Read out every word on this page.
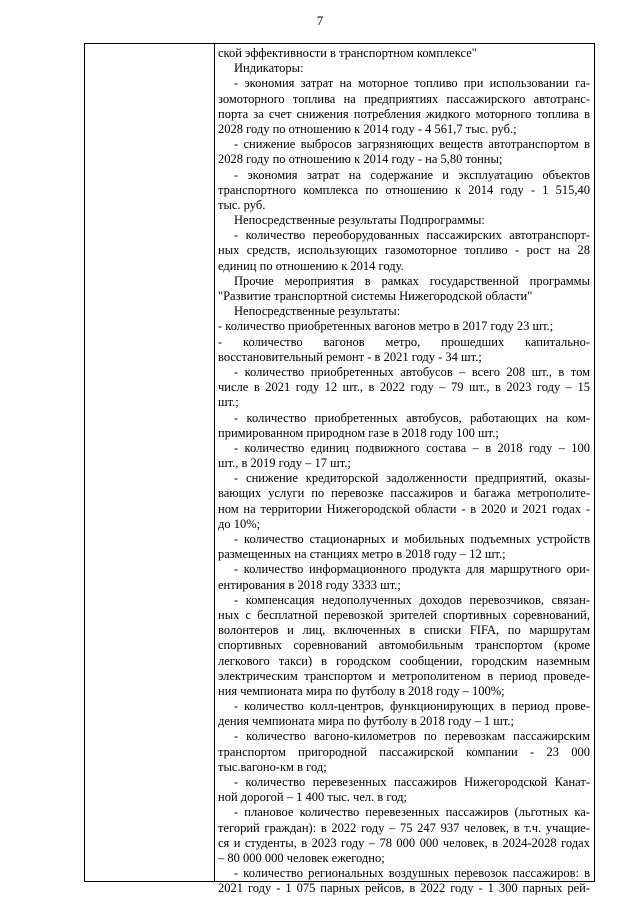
7
ской эффективности в транспортном комплексе"
Индикаторы:
- экономия затрат на моторное топливо при использовании га-
зомоторного топлива на предприятиях пассажирского автотранс-
порта за счет снижения потребления жидкого моторного топлива в
2028 году по отношению к 2014 году - 4 561,7 тыс. руб.;
- снижение выбросов загрязняющих веществ автотранспортом в
2028 году по отношению к 2014 году - на 5,80 тонны;
- экономия затрат на содержание и эксплуатацию объектов
транспортного комплекса по отношению к 2014 году - 1 515,40
тыс. руб.
Непосредственные результаты Подпрограммы:
- количество переоборудованных пассажирских автотранспорт-
ных средств, использующих газомоторное топливо - рост на 28
единиц по отношению к 2014 году.
Прочие мероприятия в рамках государственной программы
"Развитие транспортной системы Нижегородской области"
Непосредственные результаты:
- количество приобретенных вагонов метро в 2017 году 23 шт.;
- количество вагонов метро, прошедших капитально-
восстановительный ремонт - в 2021 году - 34 шт.;
- количество приобретенных автобусов – всего 208 шт., в том
числе в 2021 году 12 шт., в 2022 году – 79 шт., в 2023 году – 15
шт.;
- количество приобретенных автобусов, работающих на ком-
примированном природном газе в 2018 году 100 шт.;
- количество единиц подвижного состава – в 2018 году – 100
шт., в 2019 году – 17 шт.;
- снижение кредиторской задолженности предприятий, оказы-
вающих услуги по перевозке пассажиров и багажа метрополите-
ном на территории Нижегородской области - в 2020 и 2021 годах -
до 10%;
- количество стационарных и мобильных подъемных устройств
размещенных на станциях метро в 2018 году – 12 шт.;
- количество информационного продукта для маршрутного ори-
ентирования в 2018 году 3333 шт.;
- компенсация недополученных доходов перевозчиков, связан-
ных с бесплатной перевозкой зрителей спортивных соревнований,
волонтеров и лиц, включенных в списки FIFA, по маршрутам
спортивных соревнований автомобильным транспортом (кроме
легкового такси) в городском сообщении, городским наземным
электрическим транспортом и метрополитеном в период проведе-
ния чемпионата мира по футболу в 2018 году – 100%;
- количество колл-центров, функционирующих в период прове-
дения чемпионата мира по футболу в 2018 году – 1 шт.;
- количество вагоно-километров по перевозкам пассажирским
транспортом пригородной пассажирской компании - 23 000
тыс.вагоно-км в год;
- количество перевезенных пассажиров Нижегородской Канат-
ной дорогой – 1 400 тыс. чел. в год;
- плановое количество перевезенных пассажиров (льготных ка-
тегорий граждан): в 2022 году – 75 247 937 человек, в т.ч. учащие-
ся и студенты, в 2023 году – 78 000 000 человек, в 2024-2028 годах
– 80 000 000 человек ежегодно;
- количество региональных воздушных перевозок пассажиров: в
2021 году - 1 075 парных рейсов, в 2022 году - 1 300 парных рей-
